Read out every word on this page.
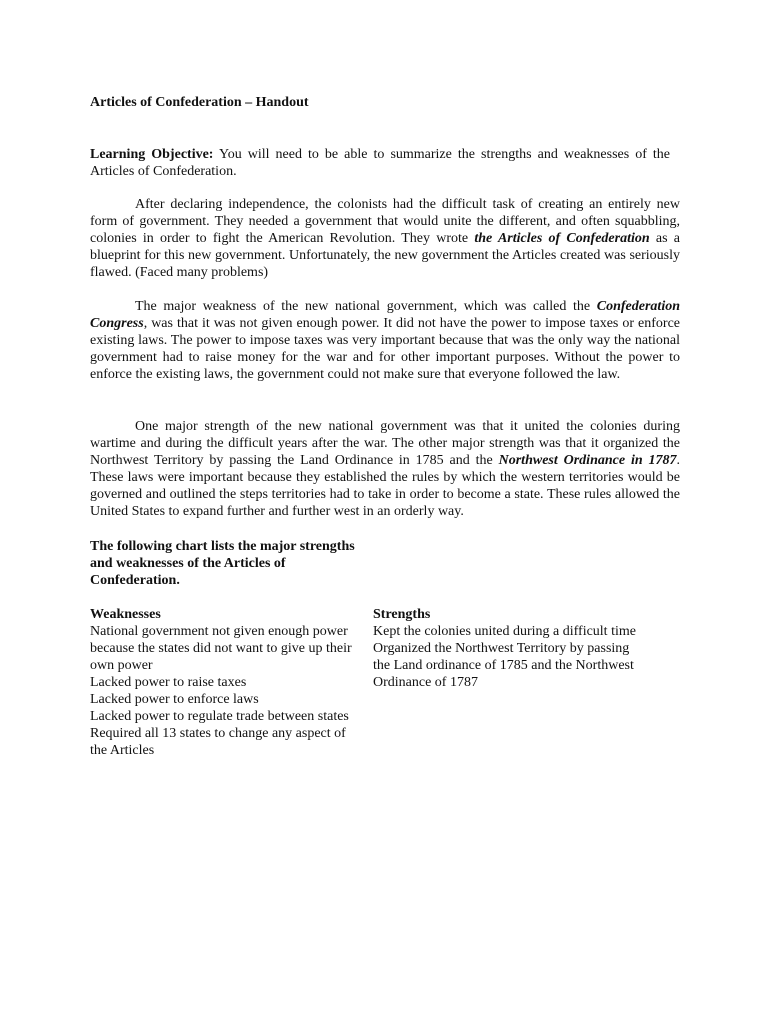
Articles of Confederation – Handout
Learning Objective: You will need to be able to summarize the strengths and weaknesses of the Articles of Confederation.
After declaring independence, the colonists had the difficult task of creating an entirely new form of government. They needed a government that would unite the different, and often squabbling, colonies in order to fight the American Revolution. They wrote the Articles of Confederation as a blueprint for this new government. Unfortunately, the new government the Articles created was seriously flawed. (Faced many problems)
The major weakness of the new national government, which was called the Confederation Congress, was that it was not given enough power. It did not have the power to impose taxes or enforce existing laws. The power to impose taxes was very important because that was the only way the national government had to raise money for the war and for other important purposes. Without the power to enforce the existing laws, the government could not make sure that everyone followed the law.
One major strength of the new national government was that it united the colonies during wartime and during the difficult years after the war. The other major strength was that it organized the Northwest Territory by passing the Land Ordinance in 1785 and the Northwest Ordinance in 1787. These laws were important because they established the rules by which the western territories would be governed and outlined the steps territories had to take in order to become a state. These rules allowed the United States to expand further and further west in an orderly way.
The following chart lists the major strengths and weaknesses of the Articles of Confederation.
Weaknesses
National government not given enough power because the states did not want to give up their own power
Lacked power to raise taxes
Lacked power to enforce laws
Lacked power to regulate trade between states
Required all 13 states to change any aspect of the Articles
Strengths
Kept the colonies united during a difficult time
Organized the Northwest Territory by passing the Land ordinance of 1785 and the Northwest Ordinance of 1787
